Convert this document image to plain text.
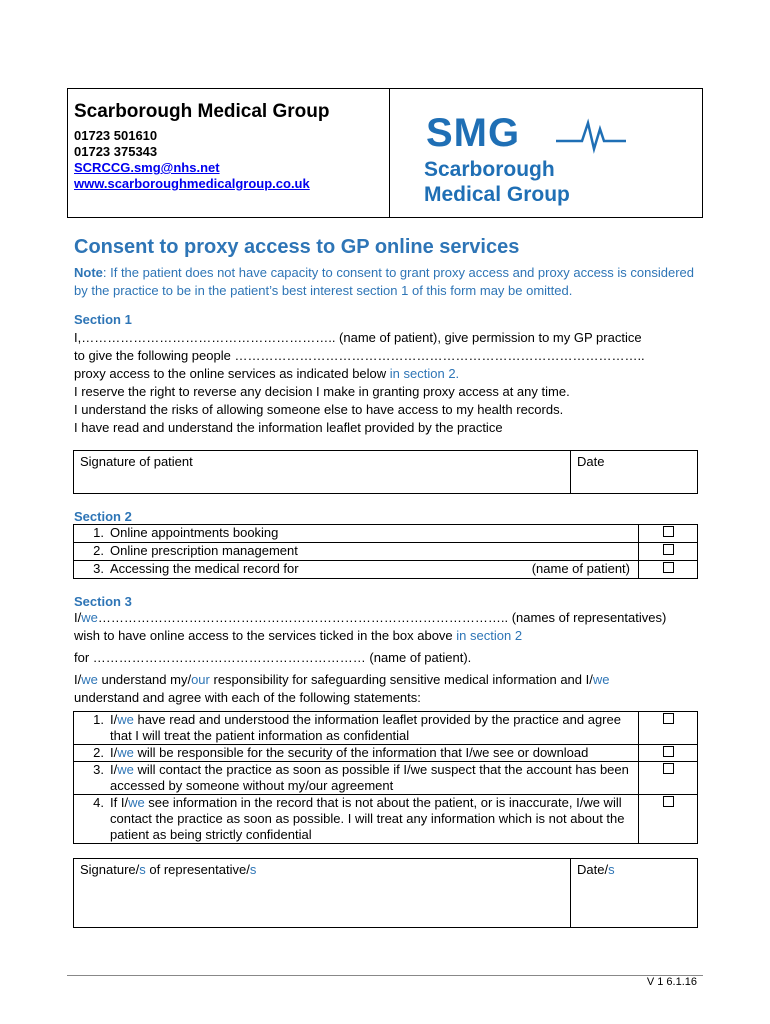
Scarborough Medical Group
01723 501610
01723 375343
SCRCCG.smg@nhs.net
www.scarboroughmedicalgroup.co.uk
SMG
Scarborough
Medical Group
Consent to proxy access to GP online services
Note: If the patient does not have capacity to consent to grant proxy access and proxy access is considered by the practice to be in the patient’s best interest section 1 of this form may be omitted.
Section 1
I,………………………………………………….. (name of patient), give permission to my GP practice
to give the following people …………………………………………………………………………………..
proxy access to the online services as indicated below in section 2.
I reserve the right to reverse any decision I make in granting proxy access at any time.
I understand the risks of allowing someone else to have access to my health records.
I have read and understand the information leaflet provided by the practice
Signature of patient	Date
Section 2
1. Online appointments booking	

2. Online prescription management	

3. Accessing the medical record for (name of patient)	

Section 3
I/we………………………………………………………………………………….. (names of representatives)
wish to have online access to the services ticked in the box above in section 2
for ……………………………………………………… (name of patient).
I/we understand my/our responsibility for safeguarding sensitive medical information and I/we
understand and agree with each of the following statements:
1. I/we have read and understood the information leaflet provided by the practice and agree that I will treat the patient information as confidential	

2. I/we will be responsible for the security of the information that I/we see or download	

3. I/we will contact the practice as soon as possible if I/we suspect that the account has been accessed by someone without my/our agreement	

4. If I/we see information in the record that is not about the patient, or is inaccurate, I/we will contact the practice as soon as possible. I will treat any information which is not about the patient as being strictly confidential	

Signature/s of representative/s	Date/s
V 1 6.1.16
